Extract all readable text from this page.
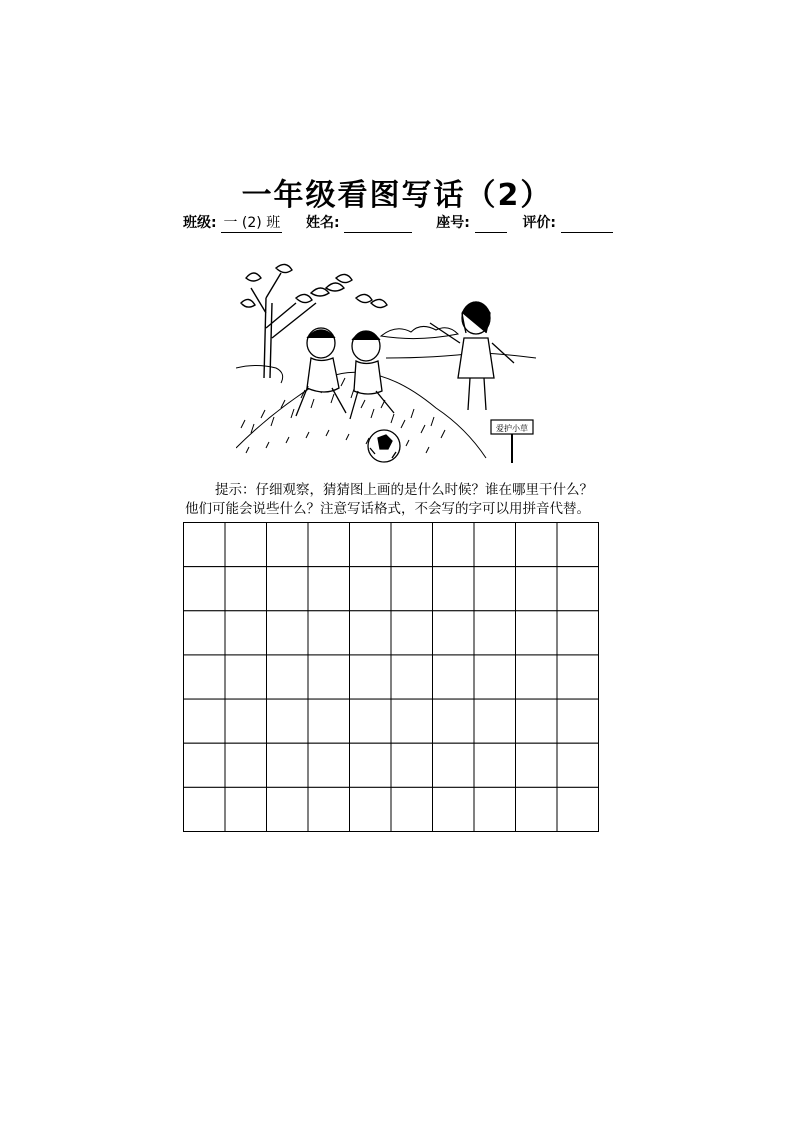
一年级看图写话（2）
班级: 一 (2) 班 姓名:	座号:	评价:
爱护小草
提示：仔细观察，猜猜图上画的是什么时候？谁在哪里干什么？
他们可能会说些什么？注意写话格式，不会写的字可以用拼音代替。
